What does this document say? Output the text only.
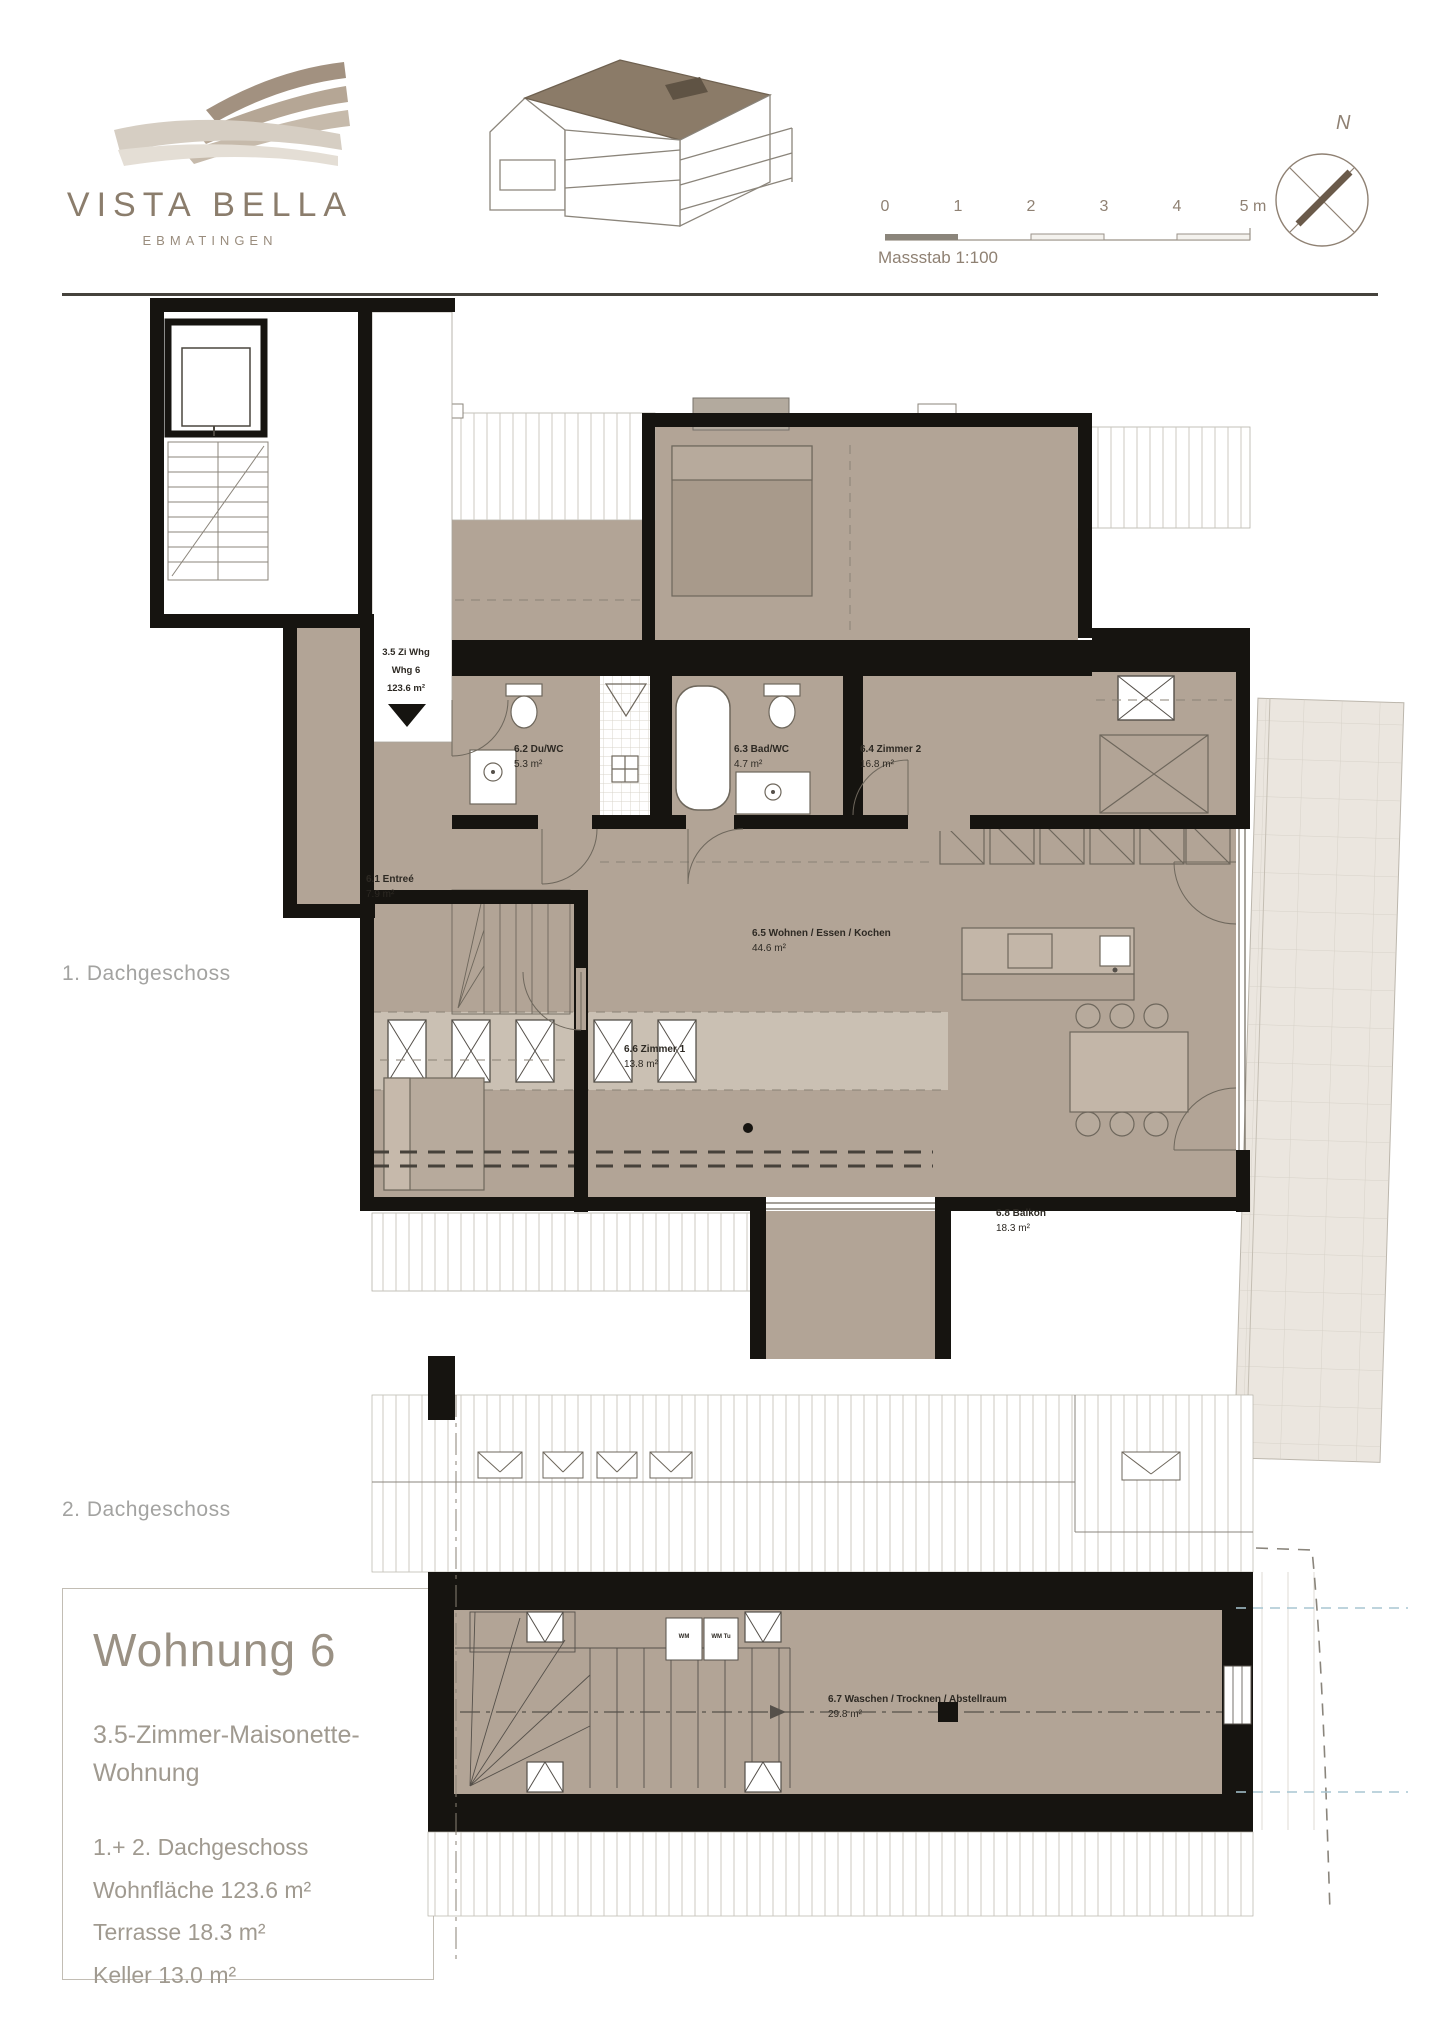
VISTA BELLA
EBMATINGEN
0	1	2	3	4	5 m
Massstab 1:100
N
1. Dachgeschoss
2. Dachgeschoss

Wohnung 6

3.5-Zimmer-Maisonette-
Wohnung

1.+ 2. Dachgeschoss
Wohnfläche 123.6 m²
Terrasse 18.3 m²
Keller 13.0 m²
3.5 Zi Whg
Whg 6
123.6 m²
6.1 Entreé
7.9 m²
6.2 Du/WC
5.3 m²
6.3 Bad/WC
4.7 m²
6.4 Zimmer 2
16.8 m²
6.5 Wohnen / Essen / Kochen
44.6 m²
6.6 Zimmer 1
13.8 m²
6.8 Balkon
18.3 m²
6.7 Waschen / Trocknen / Abstellraum
29.8 m²
WM	WM Tu
